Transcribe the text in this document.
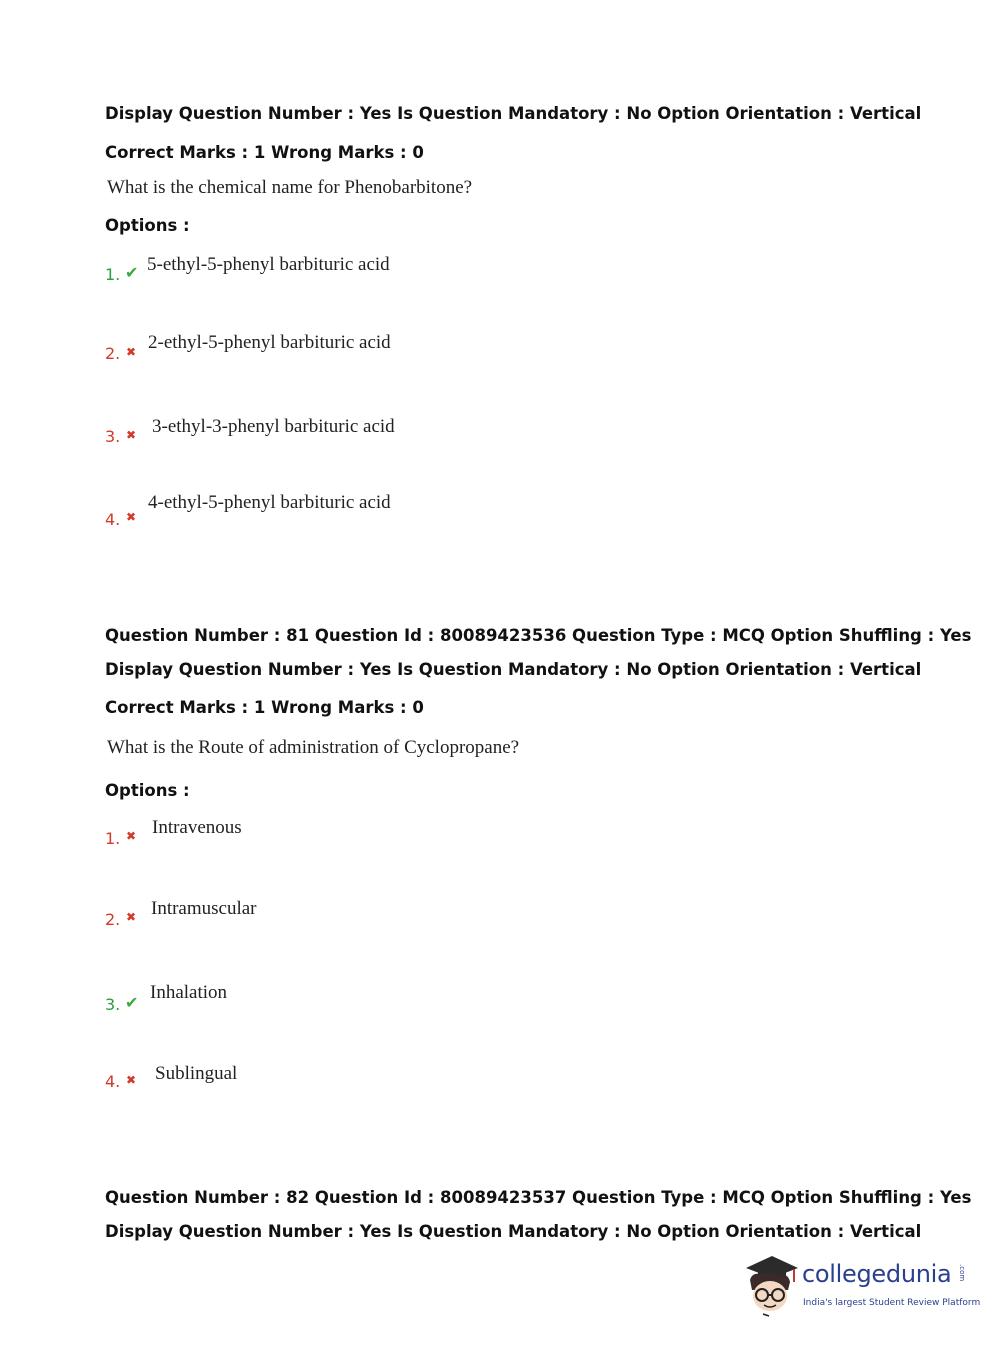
Display Question Number : Yes Is Question Mandatory : No Option Orientation : Vertical
Correct Marks : 1 Wrong Marks : 0
What is the chemical name for Phenobarbitone?
Options :
1. ✔ 5-ethyl-5-phenyl barbituric acid
2. ✖ 2-ethyl-5-phenyl barbituric acid
3. ✖ 3-ethyl-3-phenyl barbituric acid
4. ✖
4-ethyl-5-phenyl barbituric acid
Question Number : 81 Question Id : 80089423536 Question Type : MCQ Option Shuffling : Yes
Display Question Number : Yes Is Question Mandatory : No Option Orientation : Vertical
Correct Marks : 1 Wrong Marks : 0
What is the Route of administration of Cyclopropane?
Options :
1. ✖ Intravenous
2. ✖ Intramuscular
3. ✔ Inhalation
4. ✖ Sublingual
Question Number : 82 Question Id : 80089423537 Question Type : MCQ Option Shuffling : Yes
Display Question Number : Yes Is Question Mandatory : No Option Orientation : Vertical
collegedunia .com
India's largest Student Review Platform
